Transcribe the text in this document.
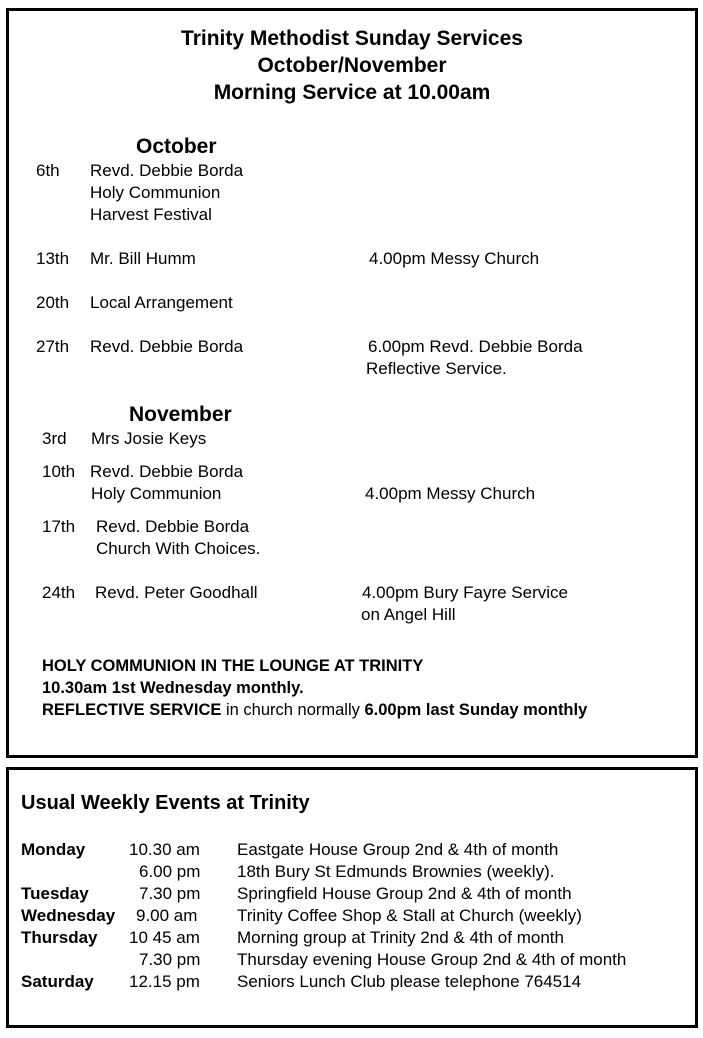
Trinity Methodist Sunday Services
October/November
Morning Service at 10.00am
October
6th Revd. Debbie Borda
Holy Communion
Harvest Festival
13th Mr. Bill Humm	4.00pm Messy Church
20th Local Arrangement
27th Revd. Debbie Borda	6.00pm Revd. Debbie Borda
Reflective Service.
November
3rd Mrs Josie Keys
10th Revd. Debbie Borda
Holy Communion	4.00pm Messy Church
17th Revd. Debbie Borda
Church With Choices.
24th Revd. Peter Goodhall	4.00pm Bury Fayre Service
on Angel Hill
HOLY COMMUNION IN THE LOUNGE AT TRINITY
10.30am 1st Wednesday monthly.
REFLECTIVE SERVICE in church normally 6.00pm last Sunday monthly
Usual Weekly Events at Trinity
Monday	10.30 am Eastgate House Group 2nd & 4th of month
6.00 pm 18th Bury St Edmunds Brownies (weekly).
Tuesday	7.30 pm Springfield House Group 2nd & 4th of month
Wednesday 9.00 am Trinity Coffee Shop & Stall at Church (weekly)
Thursday 10 45 am Morning group at Trinity 2nd & 4th of month
7.30 pm Thursday evening House Group 2nd & 4th of month
Saturday 12.15 pm Seniors Lunch Club please telephone 764514
